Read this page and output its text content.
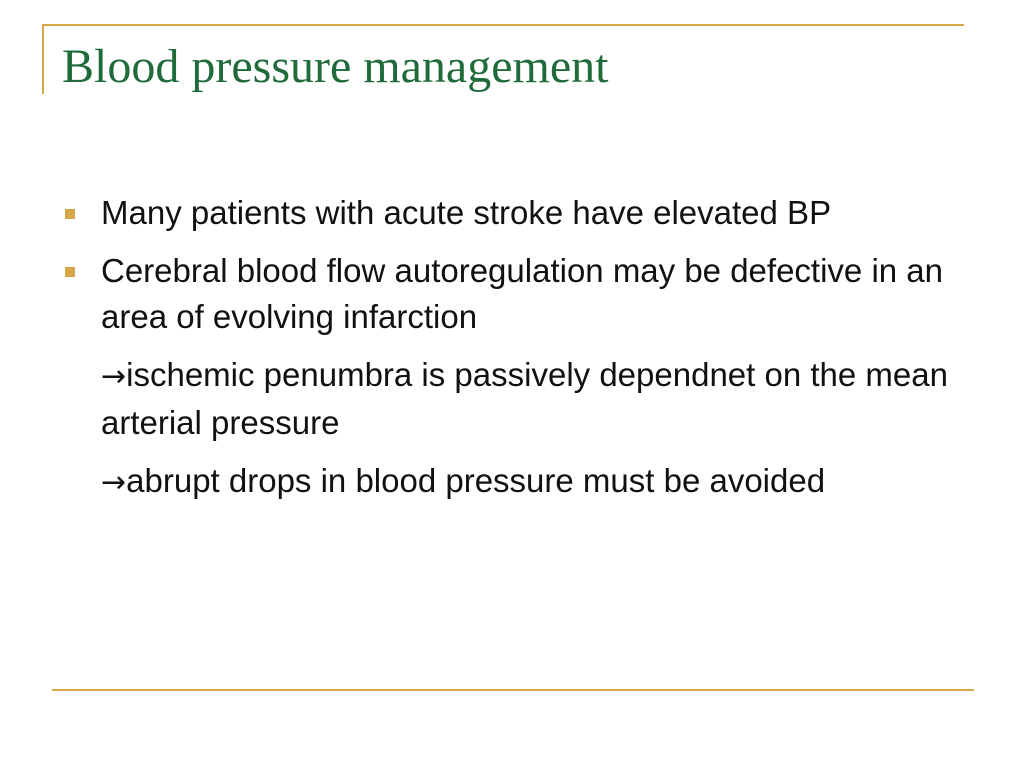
Blood pressure management
Many patients with acute stroke have elevated BP
Cerebral blood flow autoregulation may be defective in an area of evolving infarction
→ischemic penumbra is passively dependnet on the mean arterial pressure
→abrupt drops in blood pressure must be avoided
